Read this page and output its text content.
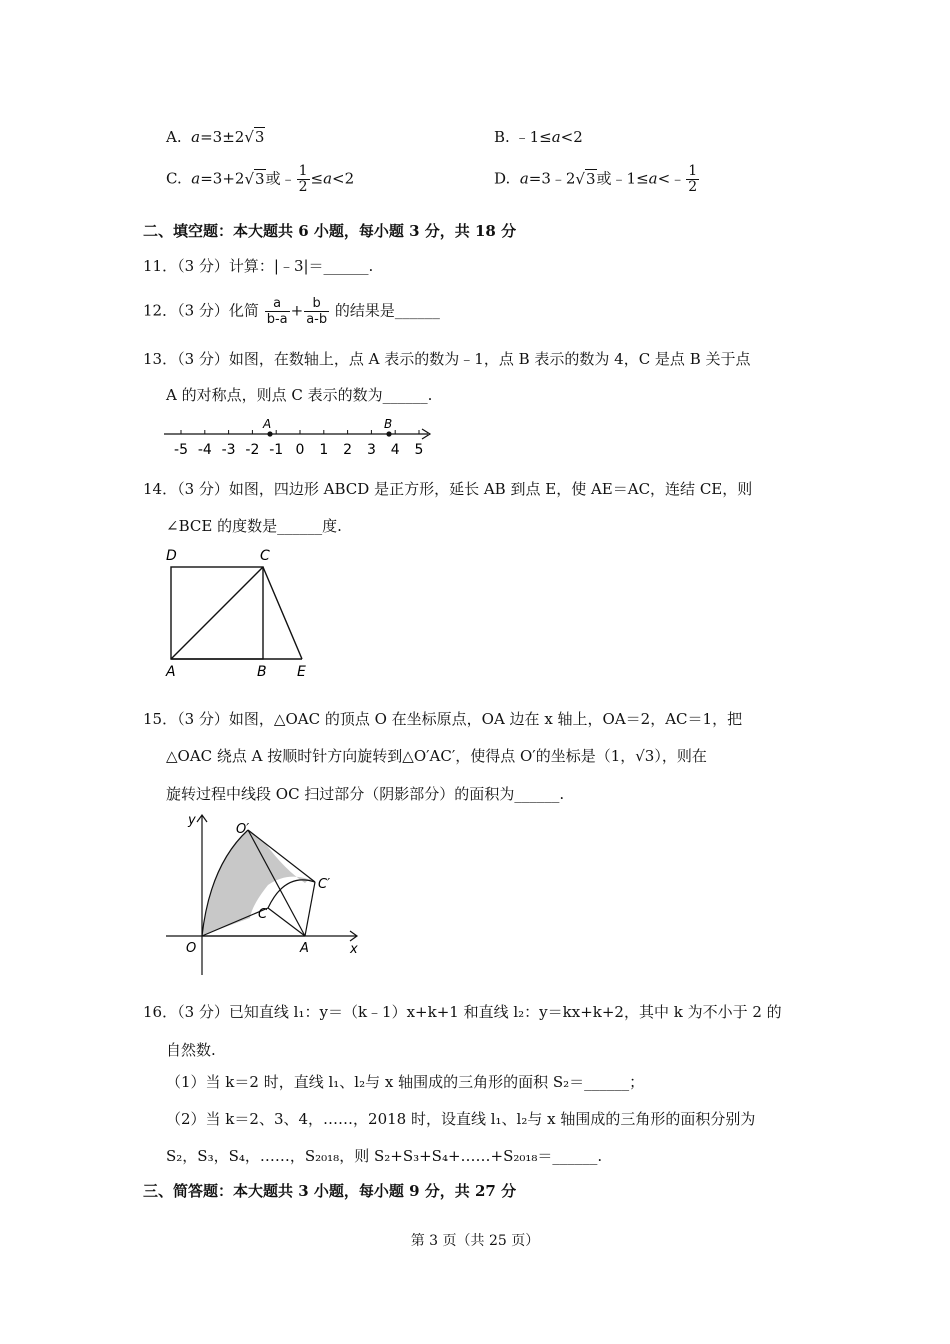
A. a=3±2√3	B. ﹣1≤a<2
C. a=3+2√3或﹣ $\frac{1}{2} \le a<2$	D. a=3﹣2√3或﹣1≤a<﹣ $\frac{1}{2}$
二、填空题：本大题共 6 小题，每小题 3 分，共 18 分
11．（3 分）计算：|﹣3|＝______.
12．（3 分）化简 $\frac{a}{b-a} + \frac{b}{a-b}$ 的结果是______
13．（3 分）如图，在数轴上，点 A 表示的数为﹣1，点 B 表示的数为 4，C 是点 B 关于点
A 的对称点，则点 C 表示的数为______.
-5 -4 -3 -2 -1 0 1 2 3 4 5
A	B
14．（3 分）如图，四边形 ABCD 是正方形，延长 AB 到点 E，使 AE＝AC，连结 CE，则
∠BCE 的度数是______度.
D	C
A	B E
15．（3 分）如图，△OAC 的顶点 O 在坐标原点，OA 边在 x 轴上，OA＝2，AC＝1，把
△OAC 绕点 A 按顺时针方向旋转到△O′AC′，使得点 O′的坐标是（1，√3），则在
旋转过程中线段 OC 扫过部分（阴影部分）的面积为______.
y
x
O	A
C
O′
C′
16．（3 分）已知直线 l₁：y＝（k﹣1）x+k+1 和直线 l₂：y＝kx+k+2，其中 k 为不小于 2 的
自然数.
（1）当 k＝2 时，直线 l₁、l₂与 x 轴围成的三角形的面积 S₂＝______；
（2）当 k＝2、3、4，……，2018 时，设直线 l₁、l₂与 x 轴围成的三角形的面积分别为
S₂，S₃，S₄，……，S₂₀₁₈，则 S₂+S₃+S₄+……+S₂₀₁₈＝______.
三、简答题：本大题共 3 小题，每小题 9 分，共 27 分
第 3 页（共 25 页）
